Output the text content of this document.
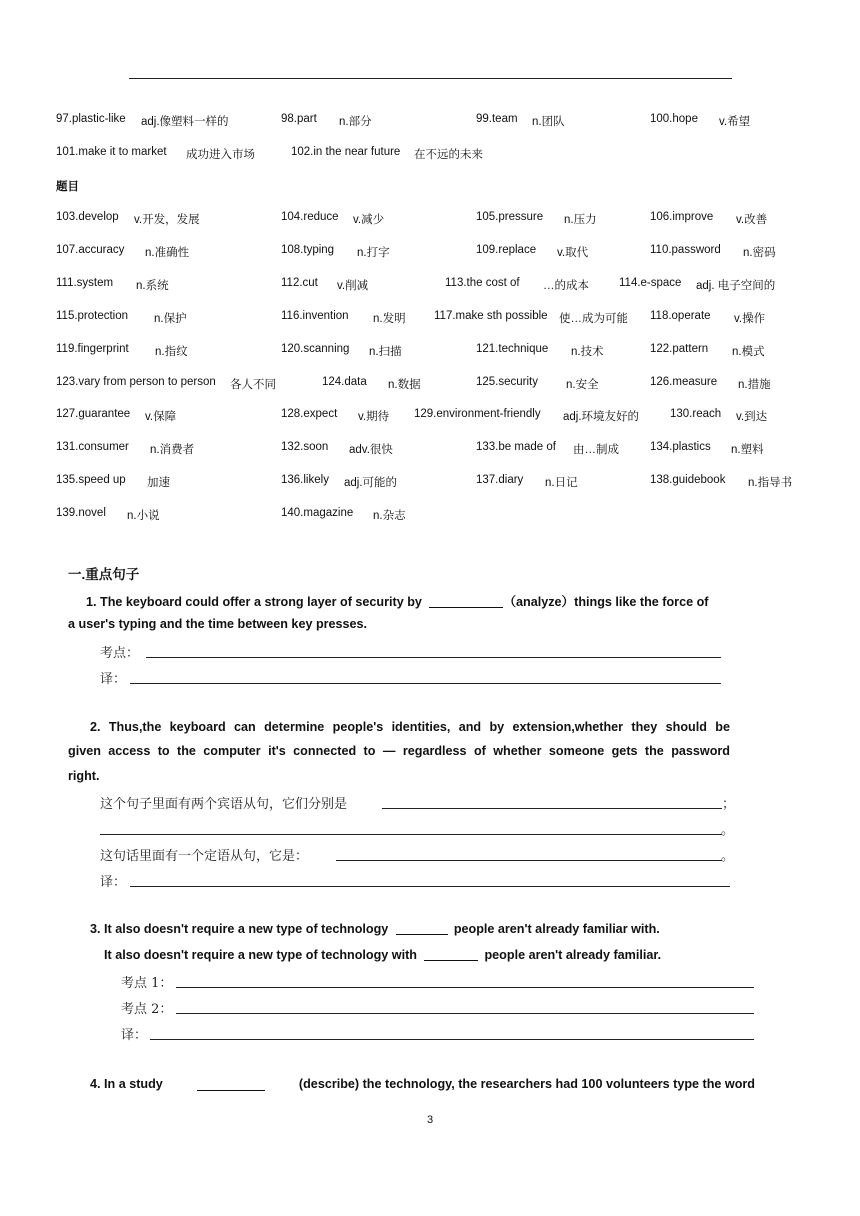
97.plastic-like adj.像塑料一样的	98.part n.部分	99.team n.团队	100.hope v.希望
101.make it to market 成功进入市场	102.in the near future 在不远的未来
103.develop v.开发，发展	104.reduce v.减少	105.pressure n.压力	106.improve v.改善
107.accuracy n.准确性	108.typing n.打字	109.replace v.取代	110.password n.密码
111.system n.系统	112.cut v.削减	113.the cost of …的成本	114.e-space adj. 电子空间的
115.protection n.保护	116.invention n.发明 117.make sth possible 使…成为可能 118.operate v.操作
119.fingerprint n.指纹	120.scanning n.扫描	121.technique n.技术	122.pattern n.模式
123.vary from person to person 各人不同	124.data n.数据	125.security n.安全	126.measure n.措施
127.guarantee v.保障	128.expect v.期待 129.environment-friendly adj.环境友好的	130.reach v.到达
131.consumer n.消费者	132.soon adv.很快	133.be made of 由…制成	134.plastics n.塑料
135.speed up 加速	136.likely adj.可能的	137.diary n.日记	138.guidebook n.指导书
139.novel n.小说	140.magazine n.杂志
题目
一.重点句子
1. The keyboard could offer a strong layer of security by	（analyze）things like the force of
a user's typing and the time between key presses.
考点：
译：
2. Thus,the keyboard can determine people's identities, and by extension,whether they should be
given access to the computer it's connected to — regardless of whether someone gets the password
right.
这个句子里面有两个宾语从句，它们分别是	；
。
这句话里面有一个定语从句，它是：	。
译：
3. It also doesn't require a new type of technology	people aren't already familiar with.
It also doesn't require a new type of technology with	people aren't already familiar.
考点 1：
考点 2：
译：
4. In a study	(describe) the technology, the researchers had 100 volunteers type the word
3
